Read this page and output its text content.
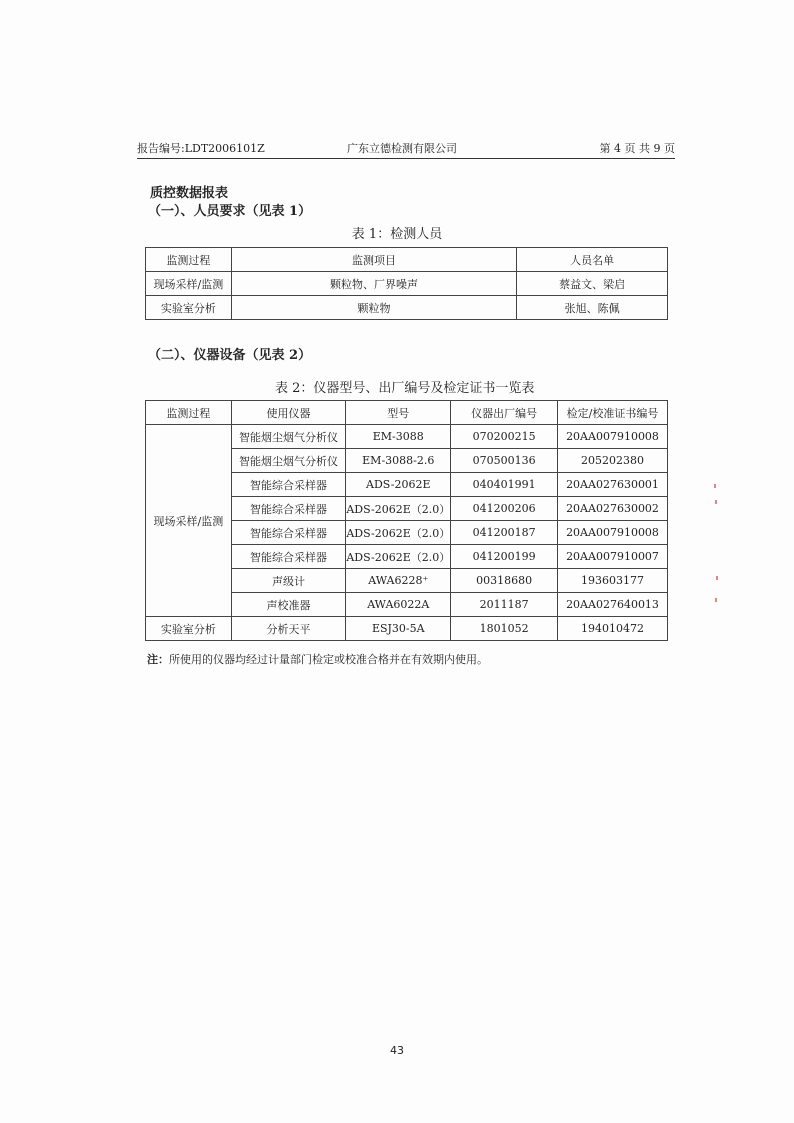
报告编号:LDT2006101Z	广东立德检测有限公司	第 4 页 共 9 页
质控数据报表
（一）、人员要求（见表 1）
表 1：检测人员
监测过程	监测项目	人员名单
现场采样/监测	颗粒物、厂界噪声	蔡益文、梁启
实验室分析	颗粒物	张旭、陈佩
（二）、仪器设备（见表 2）
表 2：仪器型号、出厂编号及检定证书一览表
监测过程	使用仪器	型号	仪器出厂编号	检定/校准证书编号
现场采样/监测	智能烟尘烟气分析仪	EM-3088	070200215	20AA007910008
	智能烟尘烟气分析仪	EM-3088-2.6	070500136	205202380
	智能综合采样器	ADS-2062E	040401991	20AA027630001
	智能综合采样器	ADS-2062E（2.0）	041200206	20AA027630002
	智能综合采样器	ADS-2062E（2.0）	041200187	20AA007910008
	智能综合采样器	ADS-2062E（2.0）	041200199	20AA007910007
	声级计	AWA6228⁺	00318680	193603177
	声校准器	AWA6022A	2011187	20AA027640013
实验室分析	分析天平	ESJ30-5A	1801052	194010472
注：所使用的仪器均经过计量部门检定或校准合格并在有效期内使用。
43
